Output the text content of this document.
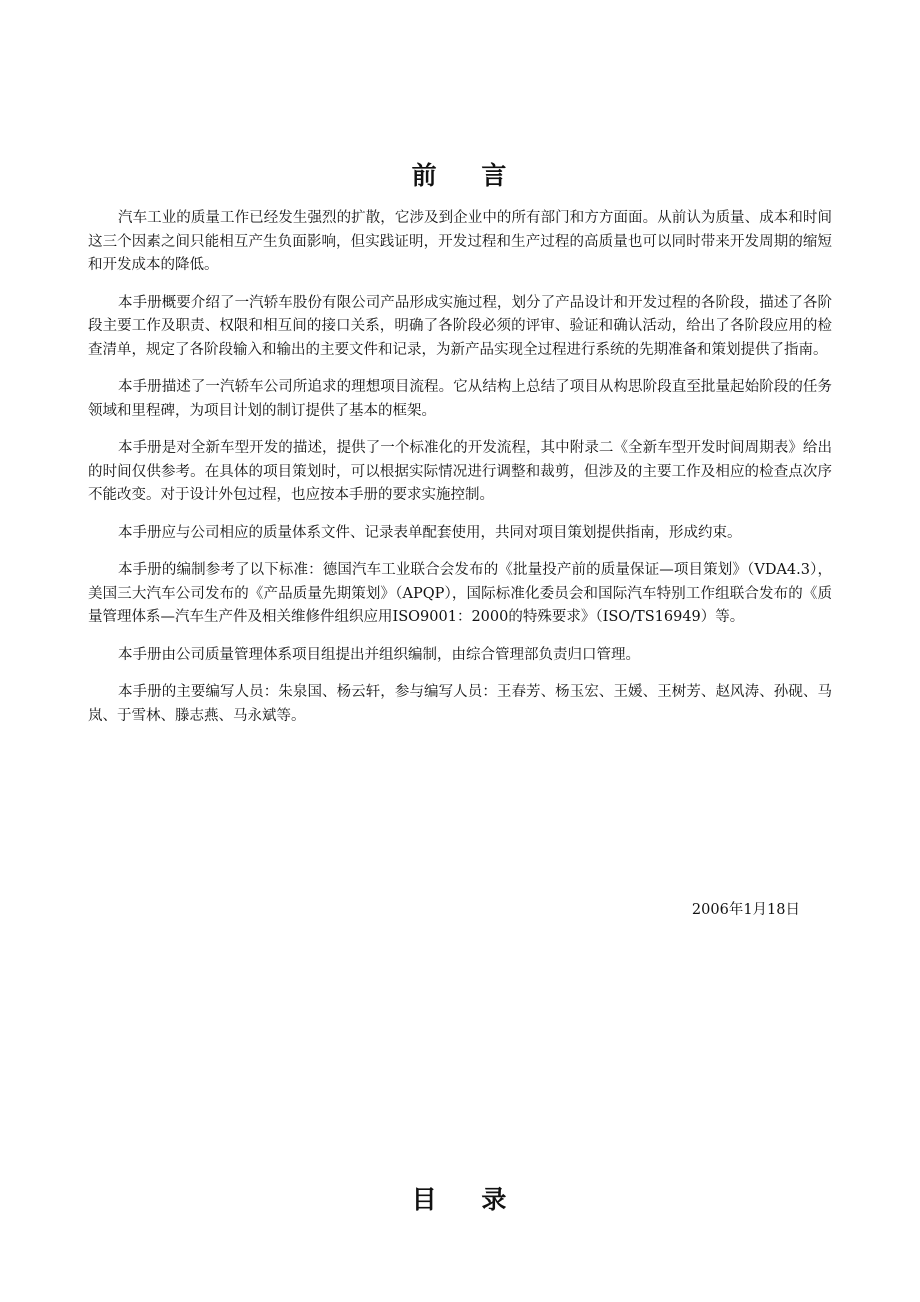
前    言

汽车工业的质量工作已经发生强烈的扩散，它涉及到企业中的所有部门和方方面面。从前认为质量、成本和时间这三个因素之间只能相互产生负面影响，但实践证明，开发过程和生产过程的高质量也可以同时带来开发周期的缩短和开发成本的降低。

本手册概要介绍了一汽轿车股份有限公司产品形成实施过程，划分了产品设计和开发过程的各阶段，描述了各阶段主要工作及职责、权限和相互间的接口关系，明确了各阶段必须的评审、验证和确认活动，给出了各阶段应用的检查清单，规定了各阶段输入和输出的主要文件和记录，为新产品实现全过程进行系统的先期准备和策划提供了指南。

本手册描述了一汽轿车公司所追求的理想项目流程。它从结构上总结了项目从构思阶段直至批量起始阶段的任务领域和里程碑，为项目计划的制订提供了基本的框架。

本手册是对全新车型开发的描述，提供了一个标准化的开发流程，其中附录二《全新车型开发时间周期表》给出的时间仅供参考。在具体的项目策划时，可以根据实际情况进行调整和裁剪，但涉及的主要工作及相应的检查点次序不能改变。对于设计外包过程，也应按本手册的要求实施控制。

本手册应与公司相应的质量体系文件、记录表单配套使用，共同对项目策划提供指南，形成约束。

本手册的编制参考了以下标准：德国汽车工业联合会发布的《批量投产前的质量保证—项目策划》（VDA4.3），美国三大汽车公司发布的《产品质量先期策划》（APQP），国际标准化委员会和国际汽车特别工作组联合发布的《质量管理体系—汽车生产件及相关维修件组织应用ISO9001：2000的特殊要求》（ISO/TS16949）等。

本手册由公司质量管理体系项目组提出并组织编制，由综合管理部负责归口管理。

本手册的主要编写人员：朱泉国、杨云轩，参与编写人员：王春芳、杨玉宏、王媛、王树芳、赵风涛、孙砚、马岚、于雪林、滕志燕、马永斌等。

2006年1月18日
目    录
